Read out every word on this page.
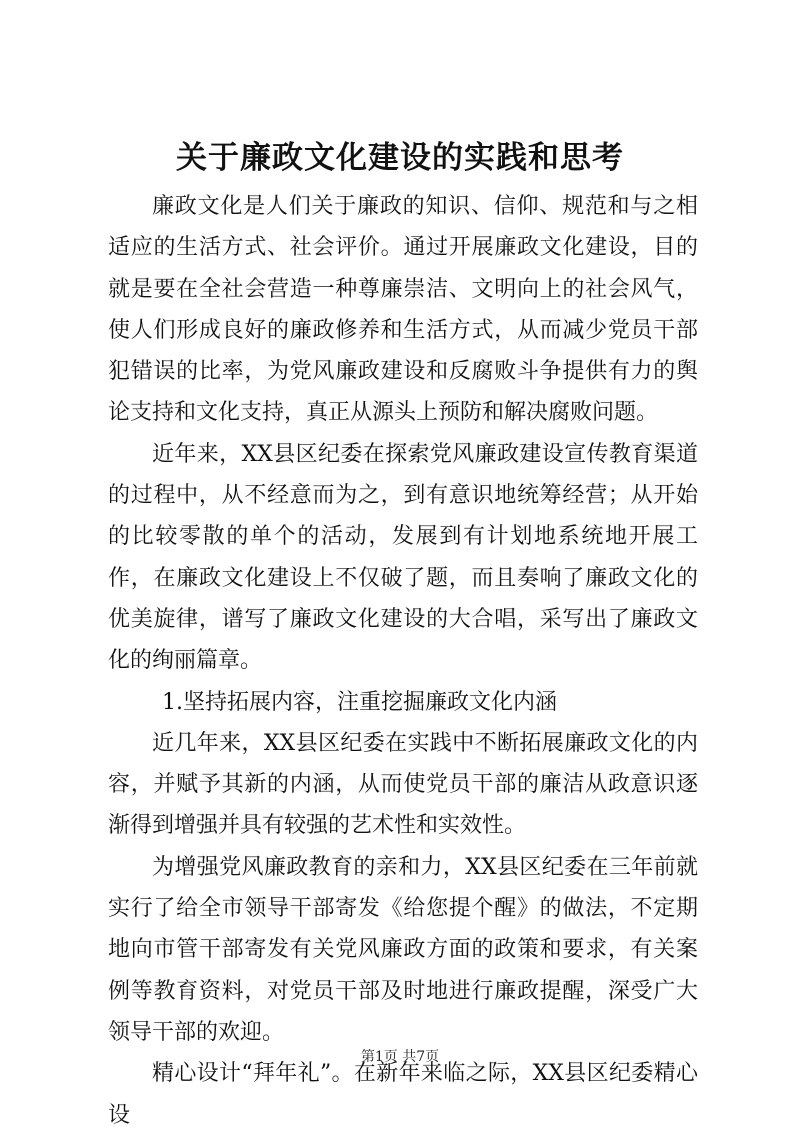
关于廉政文化建设的实践和思考

廉政文化是人们关于廉政的知识、信仰、规范和与之相适应的生活方式、社会评价。通过开展廉政文化建设，目的就是要在全社会营造一种尊廉崇洁、文明向上的社会风气，使人们形成良好的廉政修养和生活方式，从而减少党员干部犯错误的比率，为党风廉政建设和反腐败斗争提供有力的舆论支持和文化支持，真正从源头上预防和解决腐败问题。

近年来，XX县区纪委在探索党风廉政建设宣传教育渠道的过程中，从不经意而为之，到有意识地统筹经营；从开始的比较零散的单个的活动，发展到有计划地系统地开展工作，在廉政文化建设上不仅破了题，而且奏响了廉政文化的优美旋律，谱写了廉政文化建设的大合唱，采写出了廉政文化的绚丽篇章。

1.坚持拓展内容，注重挖掘廉政文化内涵

近几年来，XX县区纪委在实践中不断拓展廉政文化的内容，并赋予其新的内涵，从而使党员干部的廉洁从政意识逐渐得到增强并具有较强的艺术性和实效性。

为增强党风廉政教育的亲和力，XX县区纪委在三年前就实行了给全市领导干部寄发《给您提个醒》的做法，不定期地向市管干部寄发有关党风廉政方面的政策和要求，有关案例等教育资料，对党员干部及时地进行廉政提醒，深受广大领导干部的欢迎。

精心设计“拜年礼”。在新年来临之际，XX县区纪委精心设

第1页 共7页
